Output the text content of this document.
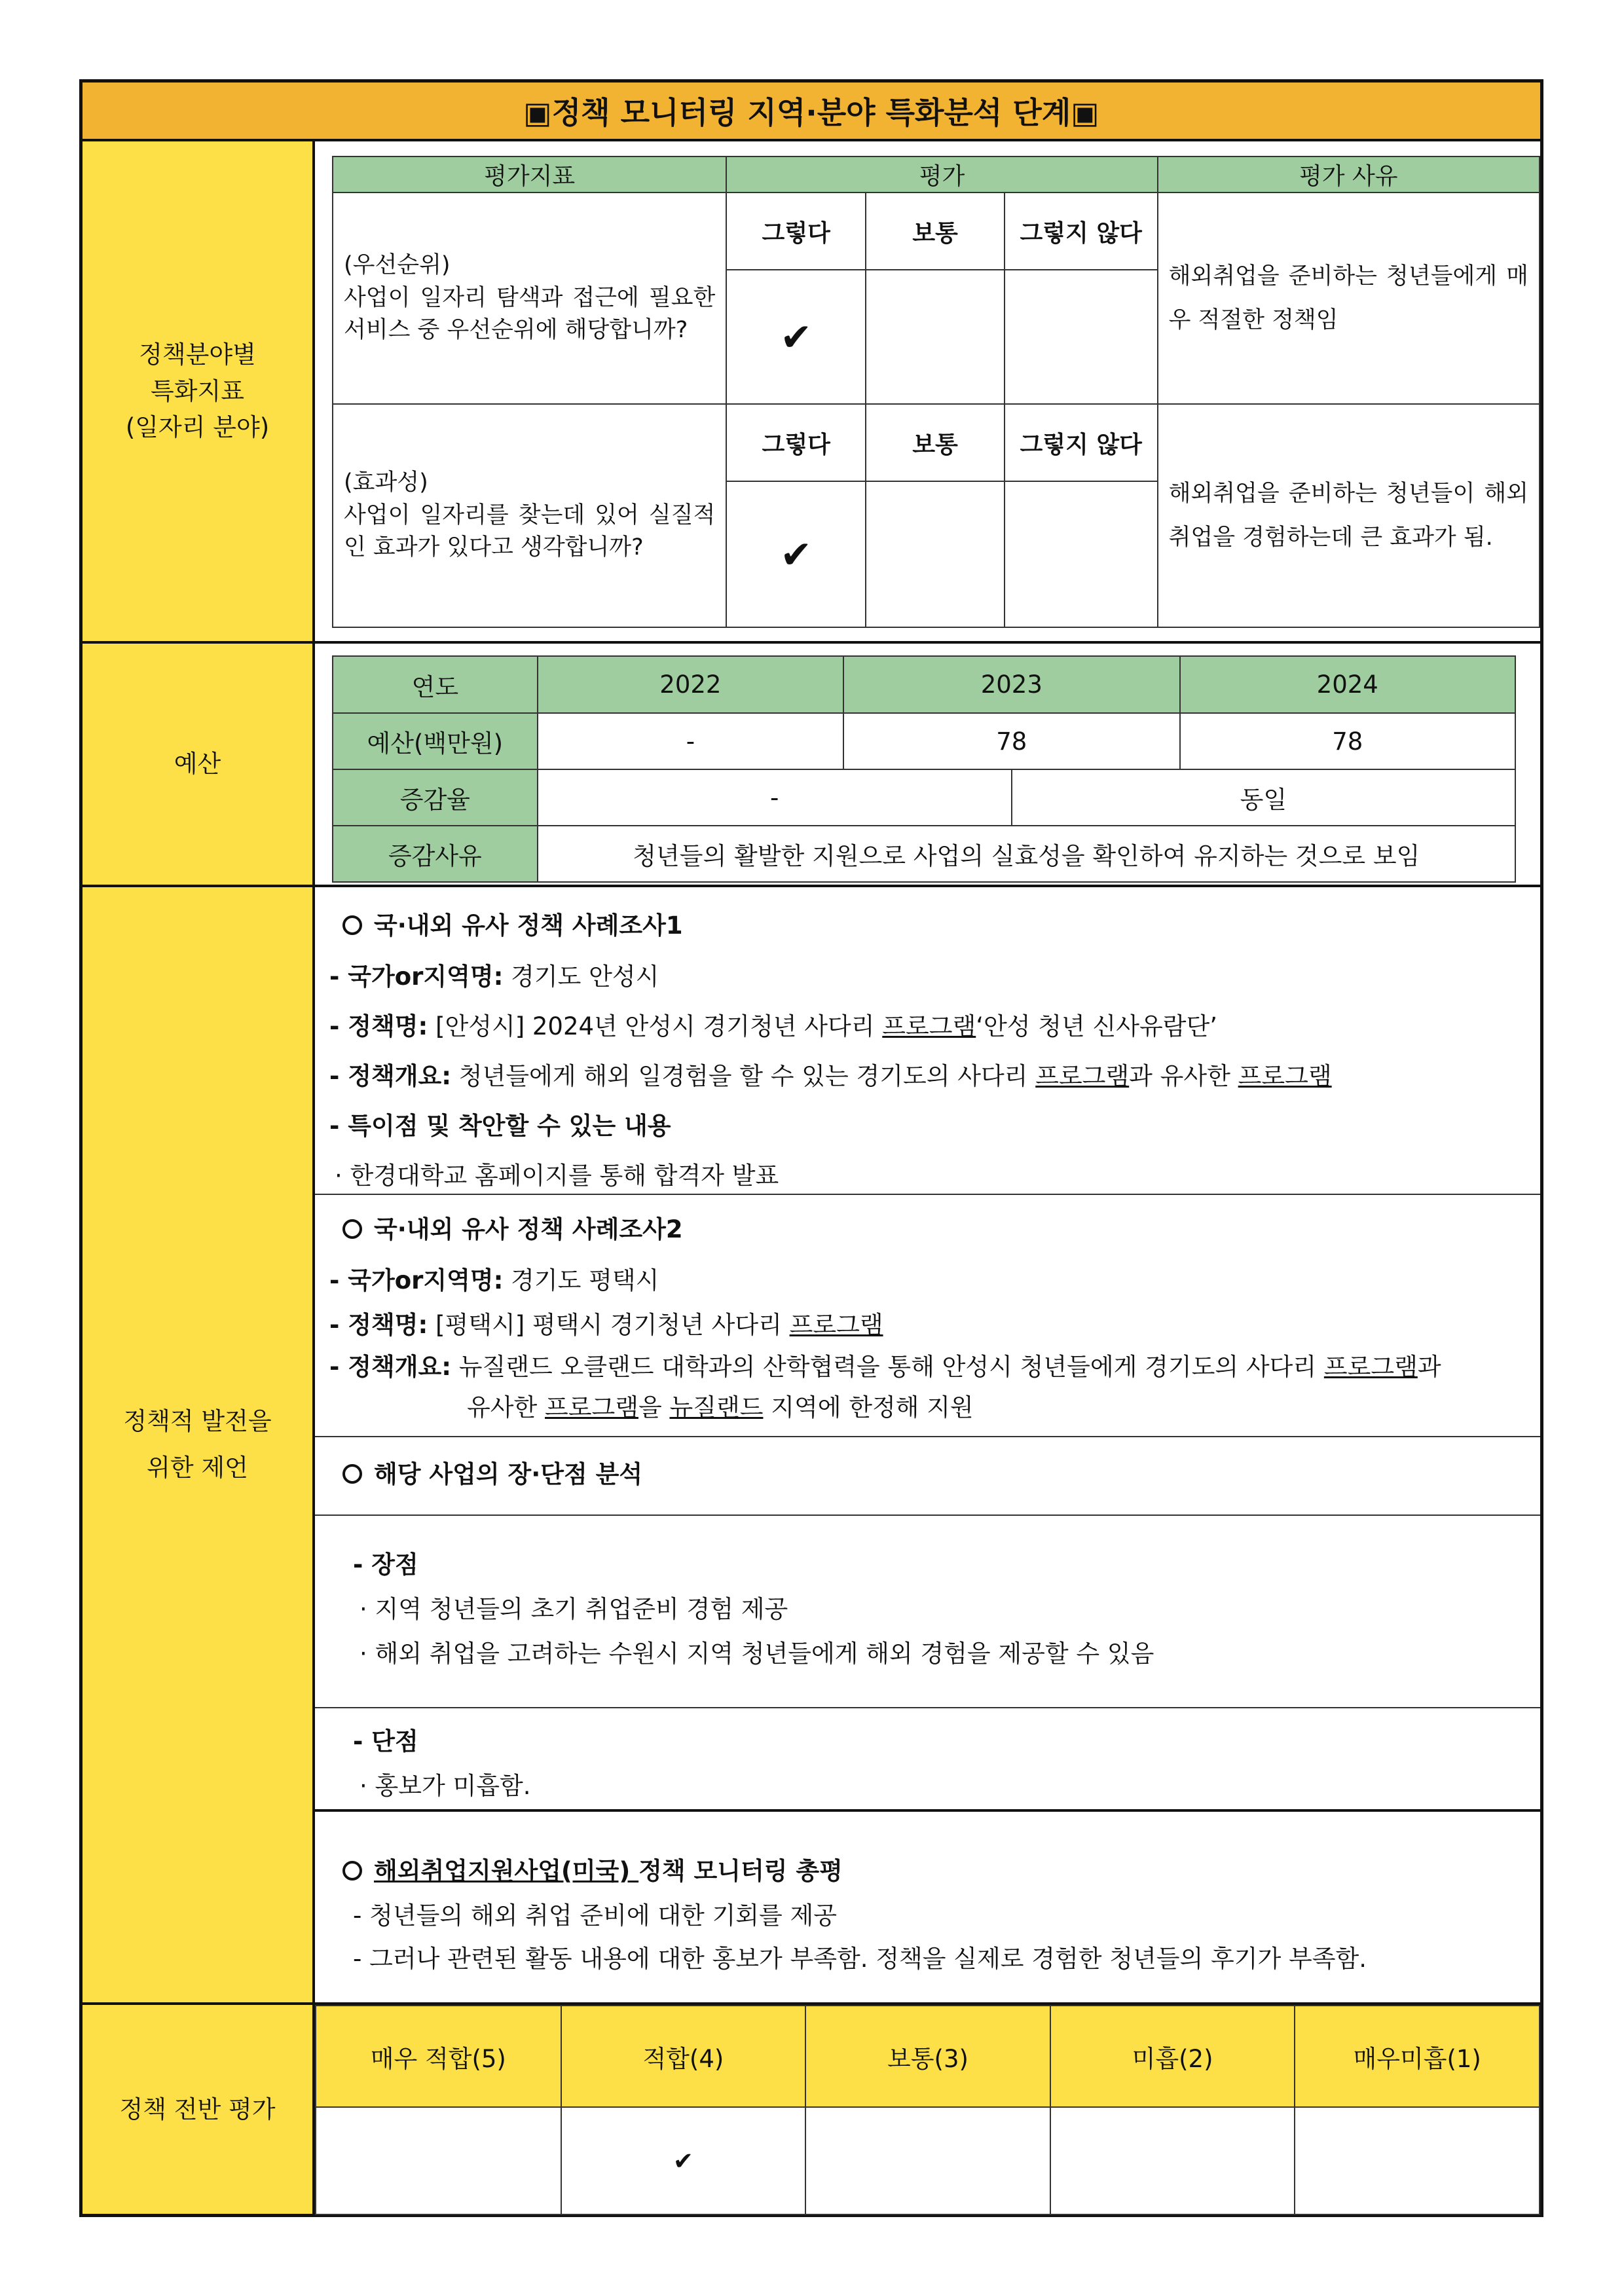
▣정책 모니터링 지역·분야 특화분석 단계▣
정책분야별
특화지표
(일자리 분야)
평가지표	평가			평가 사유
(우선순위)
사업이 일자리 탐색과 접근에 필요한 서비스 중 우선순위에 해당합니까?	그렇다	보통	그렇지 않다	해외취업을 준비하는 청년들에게 매우 적절한 정책임
	✔			
(효과성)
사업이 일자리를 찾는데 있어 실질적인 효과가 있다고 생각합니까?	그렇다	보통	그렇지 않다	해외취업을 준비하는 청년들이 해외취업을 경험하는데 큰 효과가 됨.
	✔			
예산
연도	2022	2023		2024
예산(백만원)	-	78		78
증감율	-		동일	
증감사유	청년들의 활발한 지원으로 사업의 실효성을 확인하여 유지하는 것으로 보임			
정책적 발전을
위한 제언
국·내외 유사 정책 사례조사1
- 국가or지역명: 경기도 안성시
- 정책명: [안성시] 2024년 안성시 경기청년 사다리 프로그램‘안성 청년 신사유람단’
- 정책개요: 청년들에게 해외 일경험을 할 수 있는 경기도의 사다리 프로그램과 유사한 프로그램
- 특이점 및 착안할 수 있는 내용
· 한경대학교 홈페이지를 통해 합격자 발표
국·내외 유사 정책 사례조사2
- 국가or지역명: 경기도 평택시
- 정책명: [평택시] 평택시 경기청년 사다리 프로그램
- 정책개요: 뉴질랜드 오클랜드 대학과의 산학협력을 통해 안성시 청년들에게 경기도의 사다리 프로그램과
유사한 프로그램을 뉴질랜드 지역에 한정해 지원
해당 사업의 장·단점 분석
- 장점
· 지역 청년들의 초기 취업준비 경험 제공
· 해외 취업을 고려하는 수원시 지역 청년들에게 해외 경험을 제공할 수 있음
- 단점
· 홍보가 미흡함.
해외취업지원사업(미국) 정책 모니터링 총평
- 청년들의 해외 취업 준비에 대한 기회를 제공
- 그러나 관련된 활동 내용에 대한 홍보가 부족함. 정책을 실제로 경험한 청년들의 후기가 부족함.
정책 전반 평가
매우 적합(5)	적합(4)	보통(3)	미흡(2)	매우미흡(1)
	✔			
